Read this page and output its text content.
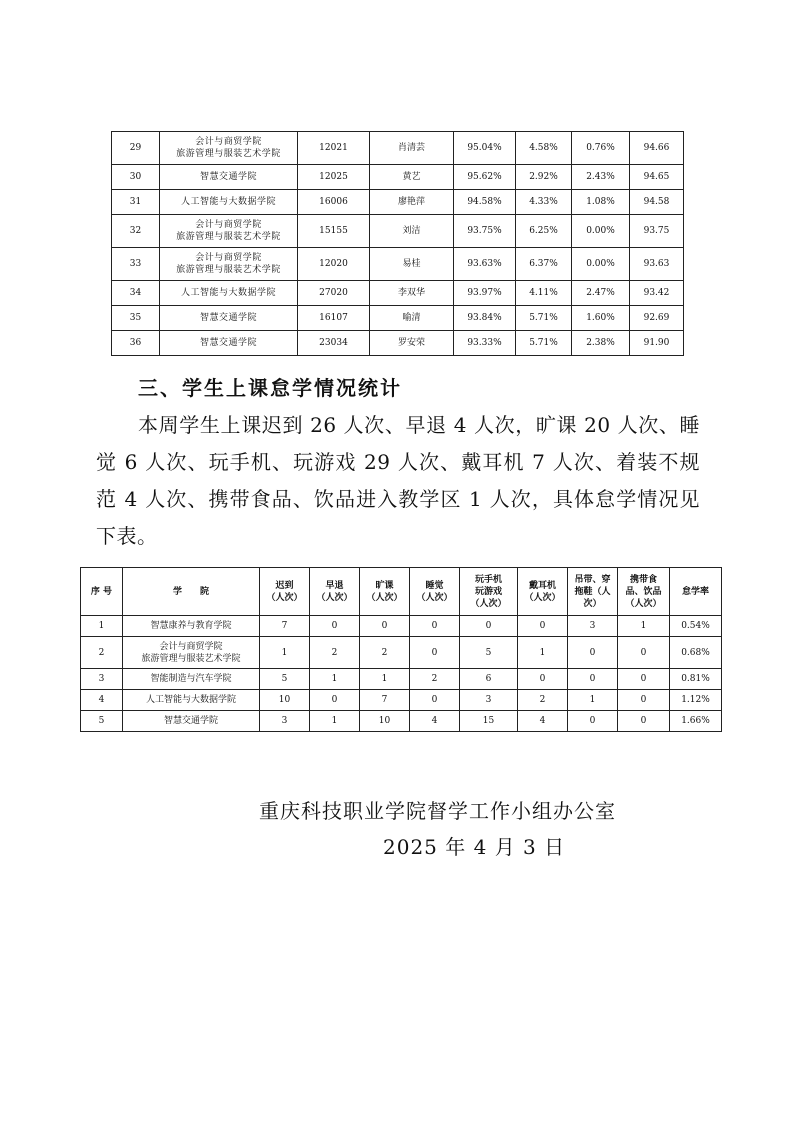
29	会计与商贸学院
旅游管理与服装艺术学院	12021	肖清芸	95.04%	4.58%	0.76%	94.66
30	智慧交通学院	12025	黄艺	95.62%	2.92%	2.43%	94.65
31	人工智能与大数据学院	16006	廖艳萍	94.58%	4.33%	1.08%	94.58
32	会计与商贸学院
旅游管理与服装艺术学院	15155	刘洁	93.75%	6.25%	0.00%	93.75
33	会计与商贸学院
旅游管理与服装艺术学院	12020	易桂	93.63%	6.37%	0.00%	93.63
34	人工智能与大数据学院	27020	李双华	93.97%	4.11%	2.47%	93.42
35	智慧交通学院	16107	喻清	93.84%	5.71%	1.60%	92.69
36	智慧交通学院	23034	罗安荣	93.33%	5.71%	2.38%	91.90

三、学生上课怠学情况统计

本周学生上课迟到 26 人次、早退 4 人次，旷课 20 人次、睡觉 6 人次、玩手机、玩游戏 29 人次、戴耳机 7 人次、着装不规范 4 人次、携带食品、饮品进入教学区 1 人次，具体怠学情况见下表。

序 号	学　　院	迟到
（人次）	早退
（人次）	旷课
（人次）	睡觉
（人次）	玩手机
玩游戏
（人次）	戴耳机
（人次）	吊带、穿
拖鞋（人
次）	携带食
品、饮品
（人次）	怠学率

1	智慧康养与教育学院	7	0	0	0	0	0	3	1	0.54%
2	会计与商贸学院
旅游管理与服装艺术学院	1	2	2	0	5	1	0	0	0.68%
3	智能制造与汽车学院	5	1	1	2	6	0	0	0	0.81%
4	人工智能与大数据学院	10	0	7	0	3	2	1	0	1.12%
5	智慧交通学院	3	1	10	4	15	4	0	0	1.66%

重庆科技职业学院督学工作小组办公室

2025 年 4 月 3 日
